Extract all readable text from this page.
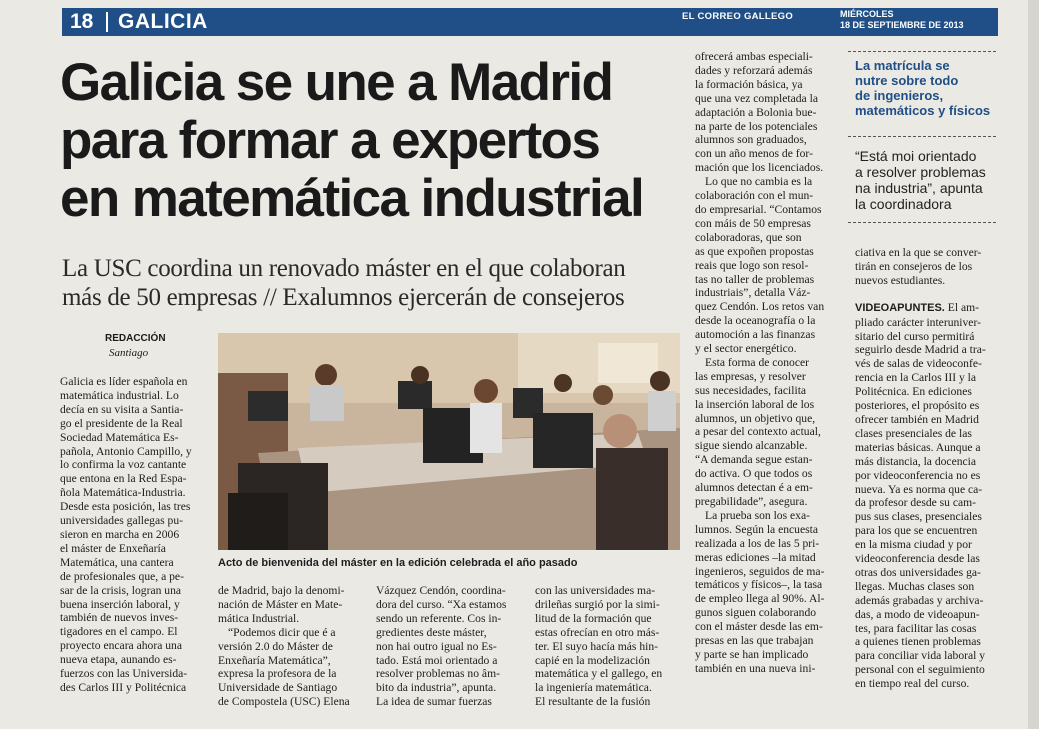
18 GALICIA	EL CORREO GALLEGO	MIÉRCOLES
18 DE SEPTIEMBRE DE 2013
Galicia se une a Madrid
para formar a expertos
en matemática industrial
La USC coordina un renovado máster en el que colaboran
más de 50 empresas // Exalumnos ejercerán de consejeros
REDACCIÓN
Santiago
Galicia es líder española en
matemática industrial. Lo
decía en su visita a Santia-
go el presidente de la Real
Sociedad Matemática Es-
pañola, Antonio Campillo, y
lo confirma la voz cantante
que entona en la Red Espa-
ñola Matemática-Industria.
Desde esta posición, las tres
universidades gallegas pu-
sieron en marcha en 2006
el máster de Enxeñaría
Matemática, una cantera
de profesionales que, a pe-
sar de la crisis, logran una
buena inserción laboral, y
también de nuevos inves-
tigadores en el campo. El
proyecto encara ahora una
nueva etapa, aunando es-
fuerzos con las Universida-
des Carlos III y Politécnica
de Madrid, bajo la denomi-
nación de Máster en Mate-
mática Industrial.
“Podemos dicir que é a
versión 2.0 do Máster de
Enxeñaría Matemática”,
expresa la profesora de la
Universidade de Santiago
de Compostela (USC) Elena
Vázquez Cendón, coordina-
dora del curso. “Xa estamos
sendo un referente. Cos in-
gredientes deste máster,
non hai outro igual no Es-
tado. Está moi orientado a
resolver problemas no âm-
bito da industria”, apunta.
La idea de sumar fuerzas
con las universidades ma-
drileñas surgió por la simi-
litud de la formación que
estas ofrecían en otro más-
ter. El suyo hacía más hin-
capié en la modelización
matemática y el gallego, en
la ingeniería matemática.
El resultante de la fusión
ofrecerá ambas especiali-
dades y reforzará además
la formación básica, ya
que una vez completada la
adaptación a Bolonia bue-
na parte de los potenciales
alumnos son graduados,
con un año menos de for-
mación que los licenciados.
Lo que no cambia es la
colaboración con el mun-
do empresarial. “Contamos
con máis de 50 empresas
colaboradoras, que son
as que expoñen propostas
reais que logo son resol-
tas no taller de problemas
industriais”, detalla Váz-
quez Cendón. Los retos van
desde la oceanografía o la
automoción a las finanzas
y el sector energético.
Esta forma de conocer
las empresas, y resolver
sus necesidades, facilita
la inserción laboral de los
alumnos, un objetivo que,
a pesar del contexto actual,
sigue siendo alcanzable.
“A demanda segue estan-
do activa. O que todos os
alumnos detectan é a em-
pregabilidade”, asegura.
La prueba son los exa-
lumnos. Según la encuesta
realizada a los de las 5 pri-
meras ediciones –la mitad
ingenieros, seguidos de ma-
temáticos y físicos–, la tasa
de empleo llega al 90%. Al-
gunos siguen colaborando
con el máster desde las em-
presas en las que trabajan
y parte se han implicado
también en una nueva ini-
ciativa en la que se conver-
tirán en consejeros de los
nuevos estudiantes.
VIDEOAPUNTES. El am-
pliado carácter interuniver-
sitario del curso permitirá
seguirlo desde Madrid a tra-
vés de salas de videoconfe-
rencia en la Carlos III y la
Politécnica. En ediciones
posteriores, el propósito es
ofrecer también en Madrid
clases presenciales de las
materias básicas. Aunque a
más distancia, la docencia
por videoconferencia no es
nueva. Ya es norma que ca-
da profesor desde su cam-
pus sus clases, presenciales
para los que se encuentren
en la misma ciudad y por
videoconferencia desde las
otras dos universidades ga-
llegas. Muchas clases son
además grabadas y archiva-
das, a modo de videoapun-
tes, para facilitar las cosas
a quienes tienen problemas
para conciliar vida laboral y
personal con el seguimiento
en tiempo real del curso.
Acto de bienvenida del máster en la edición celebrada el año pasado
La matrícula se
nutre sobre todo
de ingenieros,
matemáticos y físicos
“Está moi orientado
a resolver problemas
na industria”, apunta
la coordinadora
